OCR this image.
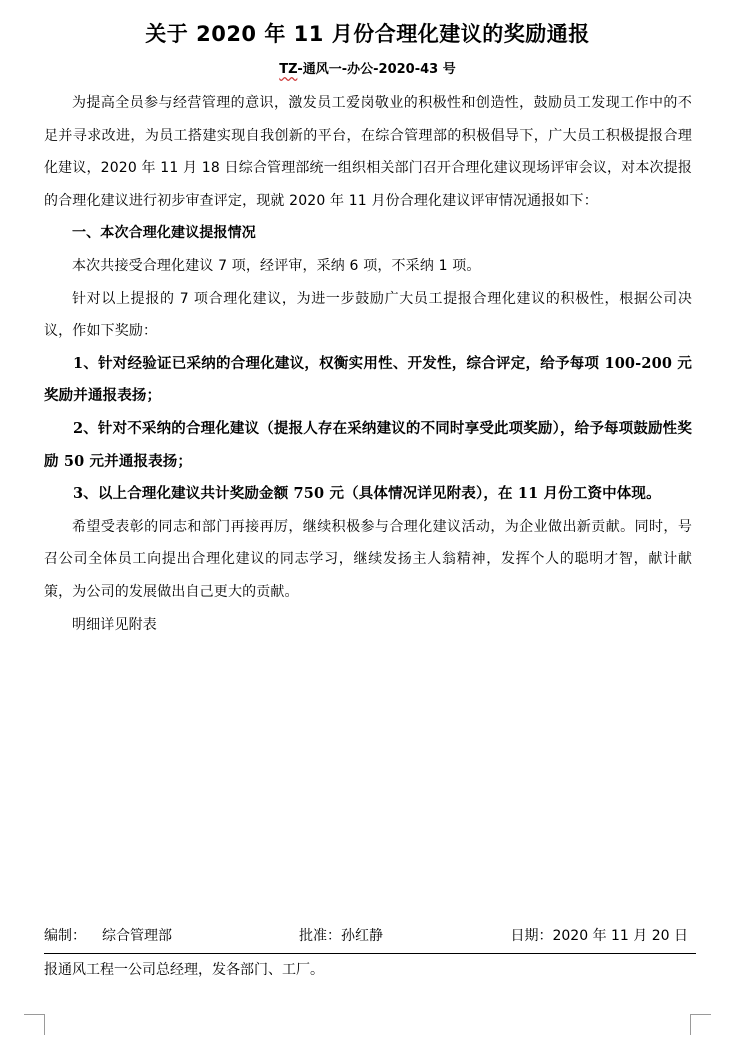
关于 2020 年 11 月份合理化建议的奖励通报
TZ-通风一-办公-2020-43 号

为提高全员参与经营管理的意识，激发员工爱岗敬业的积极性和创造性，鼓励员工发现工作中的不足并寻求改进，为员工搭建实现自我创新的平台，在综合管理部的积极倡导下，广大员工积极提报合理化建议，2020 年 11 月 18 日综合管理部统一组织相关部门召开合理化建议现场评审会议，对本次提报的合理化建议进行初步审查评定，现就 2020 年 11 月份合理化建议评审情况通报如下：

一、本次合理化建议提报情况

本次共接受合理化建议 7 项，经评审，采纳 6 项，不采纳 1 项。

针对以上提报的 7 项合理化建议，为进一步鼓励广大员工提报合理化建议的积极性，根据公司决议，作如下奖励：

1、针对经验证已采纳的合理化建议，权衡实用性、开发性，综合评定，给予每项 100-200 元奖励并通报表扬；

2、针对不采纳的合理化建议（提报人存在采纳建议的不同时享受此项奖励），给予每项鼓励性奖励 50 元并通报表扬；

3、以上合理化建议共计奖励金额 750 元（具体情况详见附表），在 11 月份工资中体现。

希望受表彰的同志和部门再接再厉，继续积极参与合理化建议活动，为企业做出新贡献。同时，号召公司全体员工向提出合理化建议的同志学习，继续发扬主人翁精神，发挥个人的聪明才智，献计献策，为公司的发展做出自己更大的贡献。

明细详见附表

编制： 综合管理部	批准：孙红静	日期：2020 年 11 月 20 日
报通风工程一公司总经理，发各部门、工厂。
